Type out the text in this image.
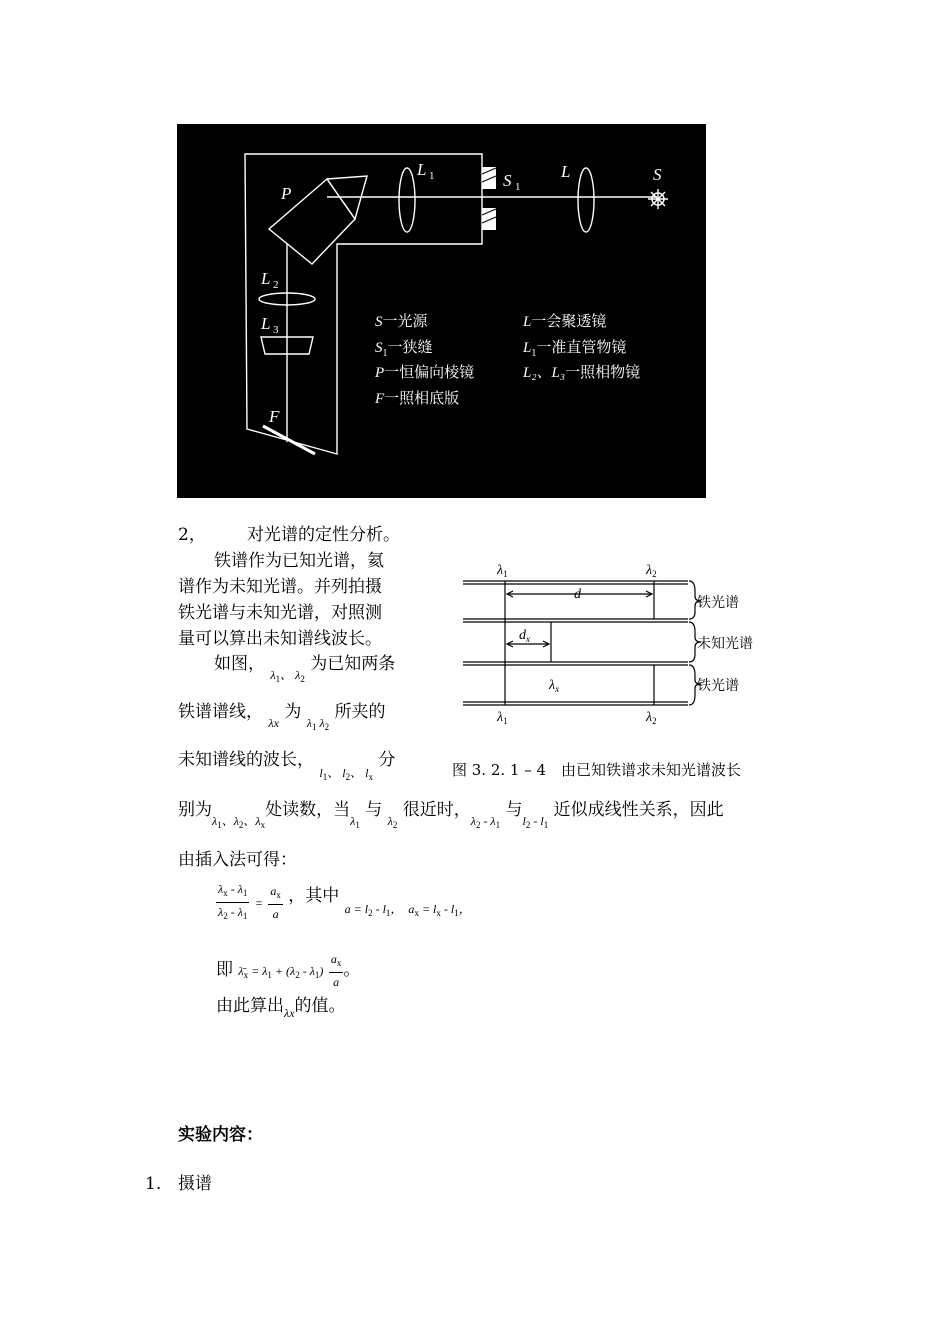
P
L 1	S 1
L	S
L 2
L 3
F
S一光源
$S_1$一狭缝
P一恒偏向棱镜
F一照相底版
L一会聚透镜
$L_1$一准直管物镜
L₂、L₃一照相物镜
2， 对光谱的定性分析。
铁谱作为已知光谱，氦
谱作为未知光谱。并列拍摄
铁光谱与未知光谱，对照测
量可以算出未知谱线波长。
如图， $_{\lambda_1、 \lambda_2}$ 为已知两条
铁谱谱线， $_{\lambda x}$ 为 $_{\lambda_1 \lambda_2}$ 所夹的
未知谱线的波长， $_{l_1、 l_2、 l_x}$ 分
别为$_{\lambda_1、\lambda_2、\lambda_x}$处读数，当$_{\lambda_1}$ 与 $_{\lambda_2}$ 很近时，$_{\lambda_2 - \lambda_1}$ 与$_{l_2 - l_1}$ 近似成线性关系，因此
由插入法可得：
$\frac{\lambda_x - \lambda_1}{\lambda_2 - \lambda_1} = \frac{a_x}{a}$ ，其中 $_{a = l_2 - l_1, a_x = l_x - l_1,}$
即 $\lambdā_x = \lambda_1 + (\lambda_2 - \lambda_1) \frac{a_x}{a}$ 。
由此算出$_{\lambda x}$的值。
$\lambda_1$	$\lambda_2$
d
$d_x$
$\lambda_x$
$\lambda_1$	$\lambda_2$
铁光谱
未知光谱
铁光谱
图 3. 2. 1 – 4　由已知铁谱求未知光谱波长
实验内容：
1. 摄谱
